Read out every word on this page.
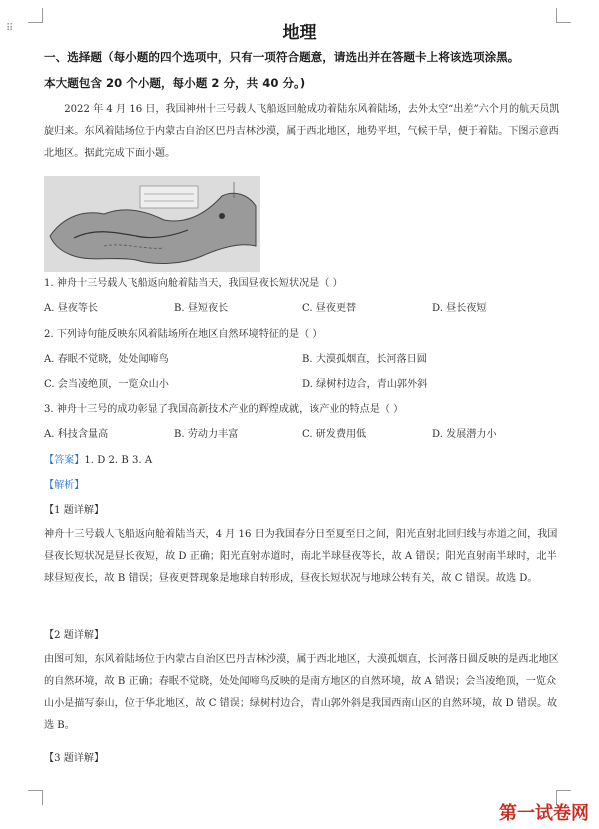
⠿	地理
一、选择题（每小题的四个选项中，只有一项符合题意，请选出并在答题卡上将该选项涂黑。
本大题包含 20 个小题，每小题 2 分，共 40 分。)
2022 年 4 月 16 日，我国神州十三号载人飞船返回舱成功着陆东风着陆场，去外太空“出差”六个月的航天员凯旋归来。东风着陆场位于内蒙古自治区巴丹吉林沙漠，属于西北地区，地势平坦，气候干旱，便于着陆。下图示意西北地区。据此完成下面小题。
1. 神舟十三号载人飞船返向舱着陆当天，我国昼夜长短状况是（ ）
A. 昼夜等长	B. 昼短夜长	C. 昼夜更替	D. 昼长夜短
2. 下列诗句能反映东风着陆场所在地区自然环境特征的是（ ）
A. 春眠不觉晓，处处闻啼鸟	B. 大漠孤烟直，长河落日圆
C. 会当凌绝顶，一览众山小	D. 绿树村边合，青山郭外斜
3. 神舟十三号的成功彰显了我国高新技术产业的辉煌成就，该产业的特点是（ ）
A. 科技含量高	B. 劳动力丰富	C. 研发费用低	D. 发展潜力小
【答案】1. D 2. B 3. A
【解析】
【1 题详解】
神舟十三号载人飞船返向舱着陆当天，4 月 16 日为我国春分日至夏至日之间，阳光直射北回归线与赤道之间，我国昼夜长短状况是昼长夜短，故 D 正确；阳光直射赤道时，南北半球昼夜等长，故 A 错误；阳光直射南半球时，北半球昼短夜长，故 B 错误；昼夜更替现象是地球自转形成，昼夜长短状况与地球公转有关，故 C 错误。故选 D。
【2 题详解】
由图可知，东风着陆场位于内蒙古自治区巴丹吉林沙漠，属于西北地区，大漠孤烟直，长河落日圆反映的是西北地区的自然环境，故 B 正确；春眠不觉晓，处处闻啼鸟反映的是南方地区的自然环境，故 A 错误；会当凌绝顶，一览众山小是描写泰山，位于华北地区，故 C 错误；绿树村边合，青山郭外斜是我国西南山区的自然环境，故 D 错误。故选 B。
【3 题详解】
第一试卷网
